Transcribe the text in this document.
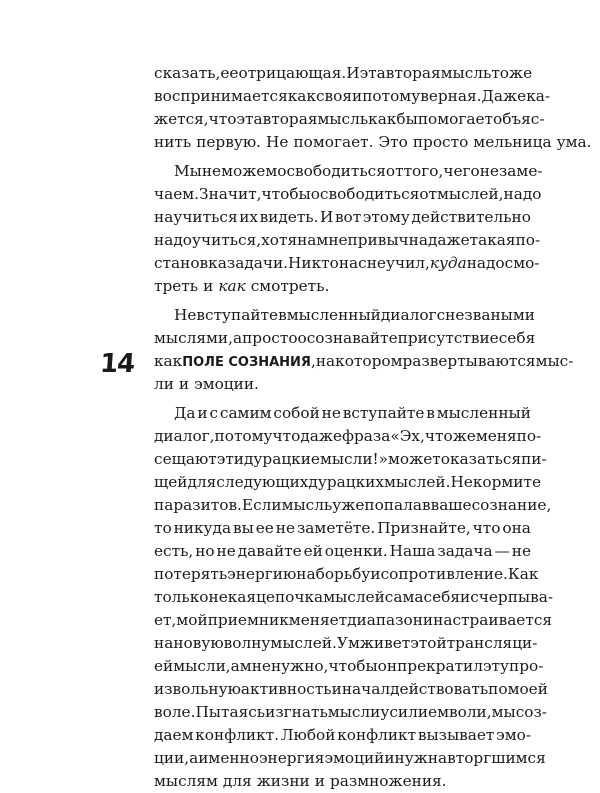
14
сказать, ее отрицающая. И эта вторая мысль тоже
воспринимается как своя и потому верная. Даже ка-
жется, что эта вторая мысль как бы помогает объяс-
нить первую. Не помогает. Это просто мельница ума.
Мы не можем освободиться от того, чего не заме-
чаем. Значит, чтобы освободиться от мыслей, надо
научиться их видеть. И вот этому действительно
надо учиться, хотя нам непривычна даже такая по-
становка задачи. Никто нас не учил, куда надо смо-
треть и как смотреть.
Не вступайте в мысленный диалог с незваными
мыслями, а просто осознавайте присутствие себя
как ПОЛЕ СОЗНАНИЯ , на котором развертываются мыс-
ли и эмоции.
Да и с самим собой не вступайте в мысленный
диалог, потому что даже фраза «Эх, что же меня по-
сещают эти дурацкие мысли!» может оказаться пи-
щей для следующих дурацких мыслей. Не кормите
паразитов. Если мысль уже попала в ваше сознание,
то никуда вы ее не заметёте. Признайте, что она
есть, но не давайте ей оценки. Наша задача — не
потерять энергию на борьбу и сопротивление. Как
только некая цепочка мыслей сама себя исчерпыва-
ет, мой приемник меняет диапазон и настраивается
на новую волну мыслей. Ум живет этой трансляци-
ей мысли, а мне нужно, чтобы он прекратил эту про-
извольную активность и начал действовать по моей
воле. Пытаясь изгнать мысли усилием воли, мы соз-
даем конфликт. Любой конфликт вызывает эмо-
ции, а именно энергия эмоций и нужна вторгшимся
мыслям для жизни и размножения.
